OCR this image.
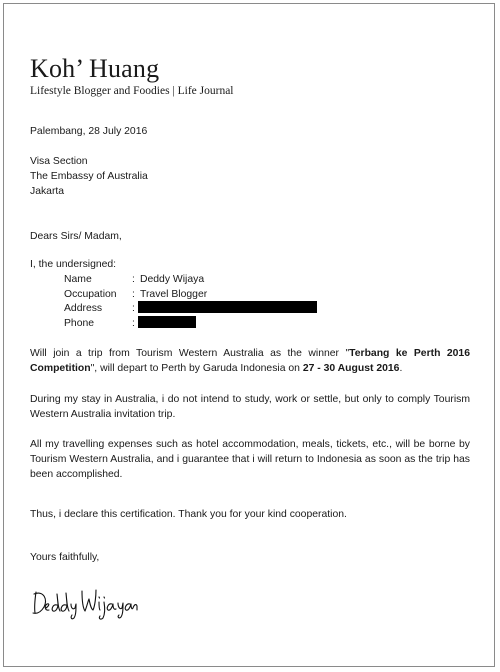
Koh’ Huang
Lifestyle Blogger and Foodies | Life Journal
Palembang, 28 July 2016
Visa Section
The Embassy of Australia
Jakarta
Dears Sirs/ Madam,
I, the undersigned:
Name	: Deddy Wijaya
Occupation : Travel Blogger
Address	:
Phone	:
Will join a trip from Tourism Western Australia as the winner "Terbang ke Perth 2016 Competition", will depart to Perth by Garuda Indonesia on 27 - 30 August 2016.
During my stay in Australia, i do not intend to study, work or settle, but only to comply Tourism Western Australia invitation trip.
All my travelling expenses such as hotel accommodation, meals, tickets, etc., will be borne by Tourism Western Australia, and i guarantee that i will return to Indonesia as soon as the trip has been accomplished.
Thus, i declare this certification. Thank you for your kind cooperation.
Yours faithfully,
